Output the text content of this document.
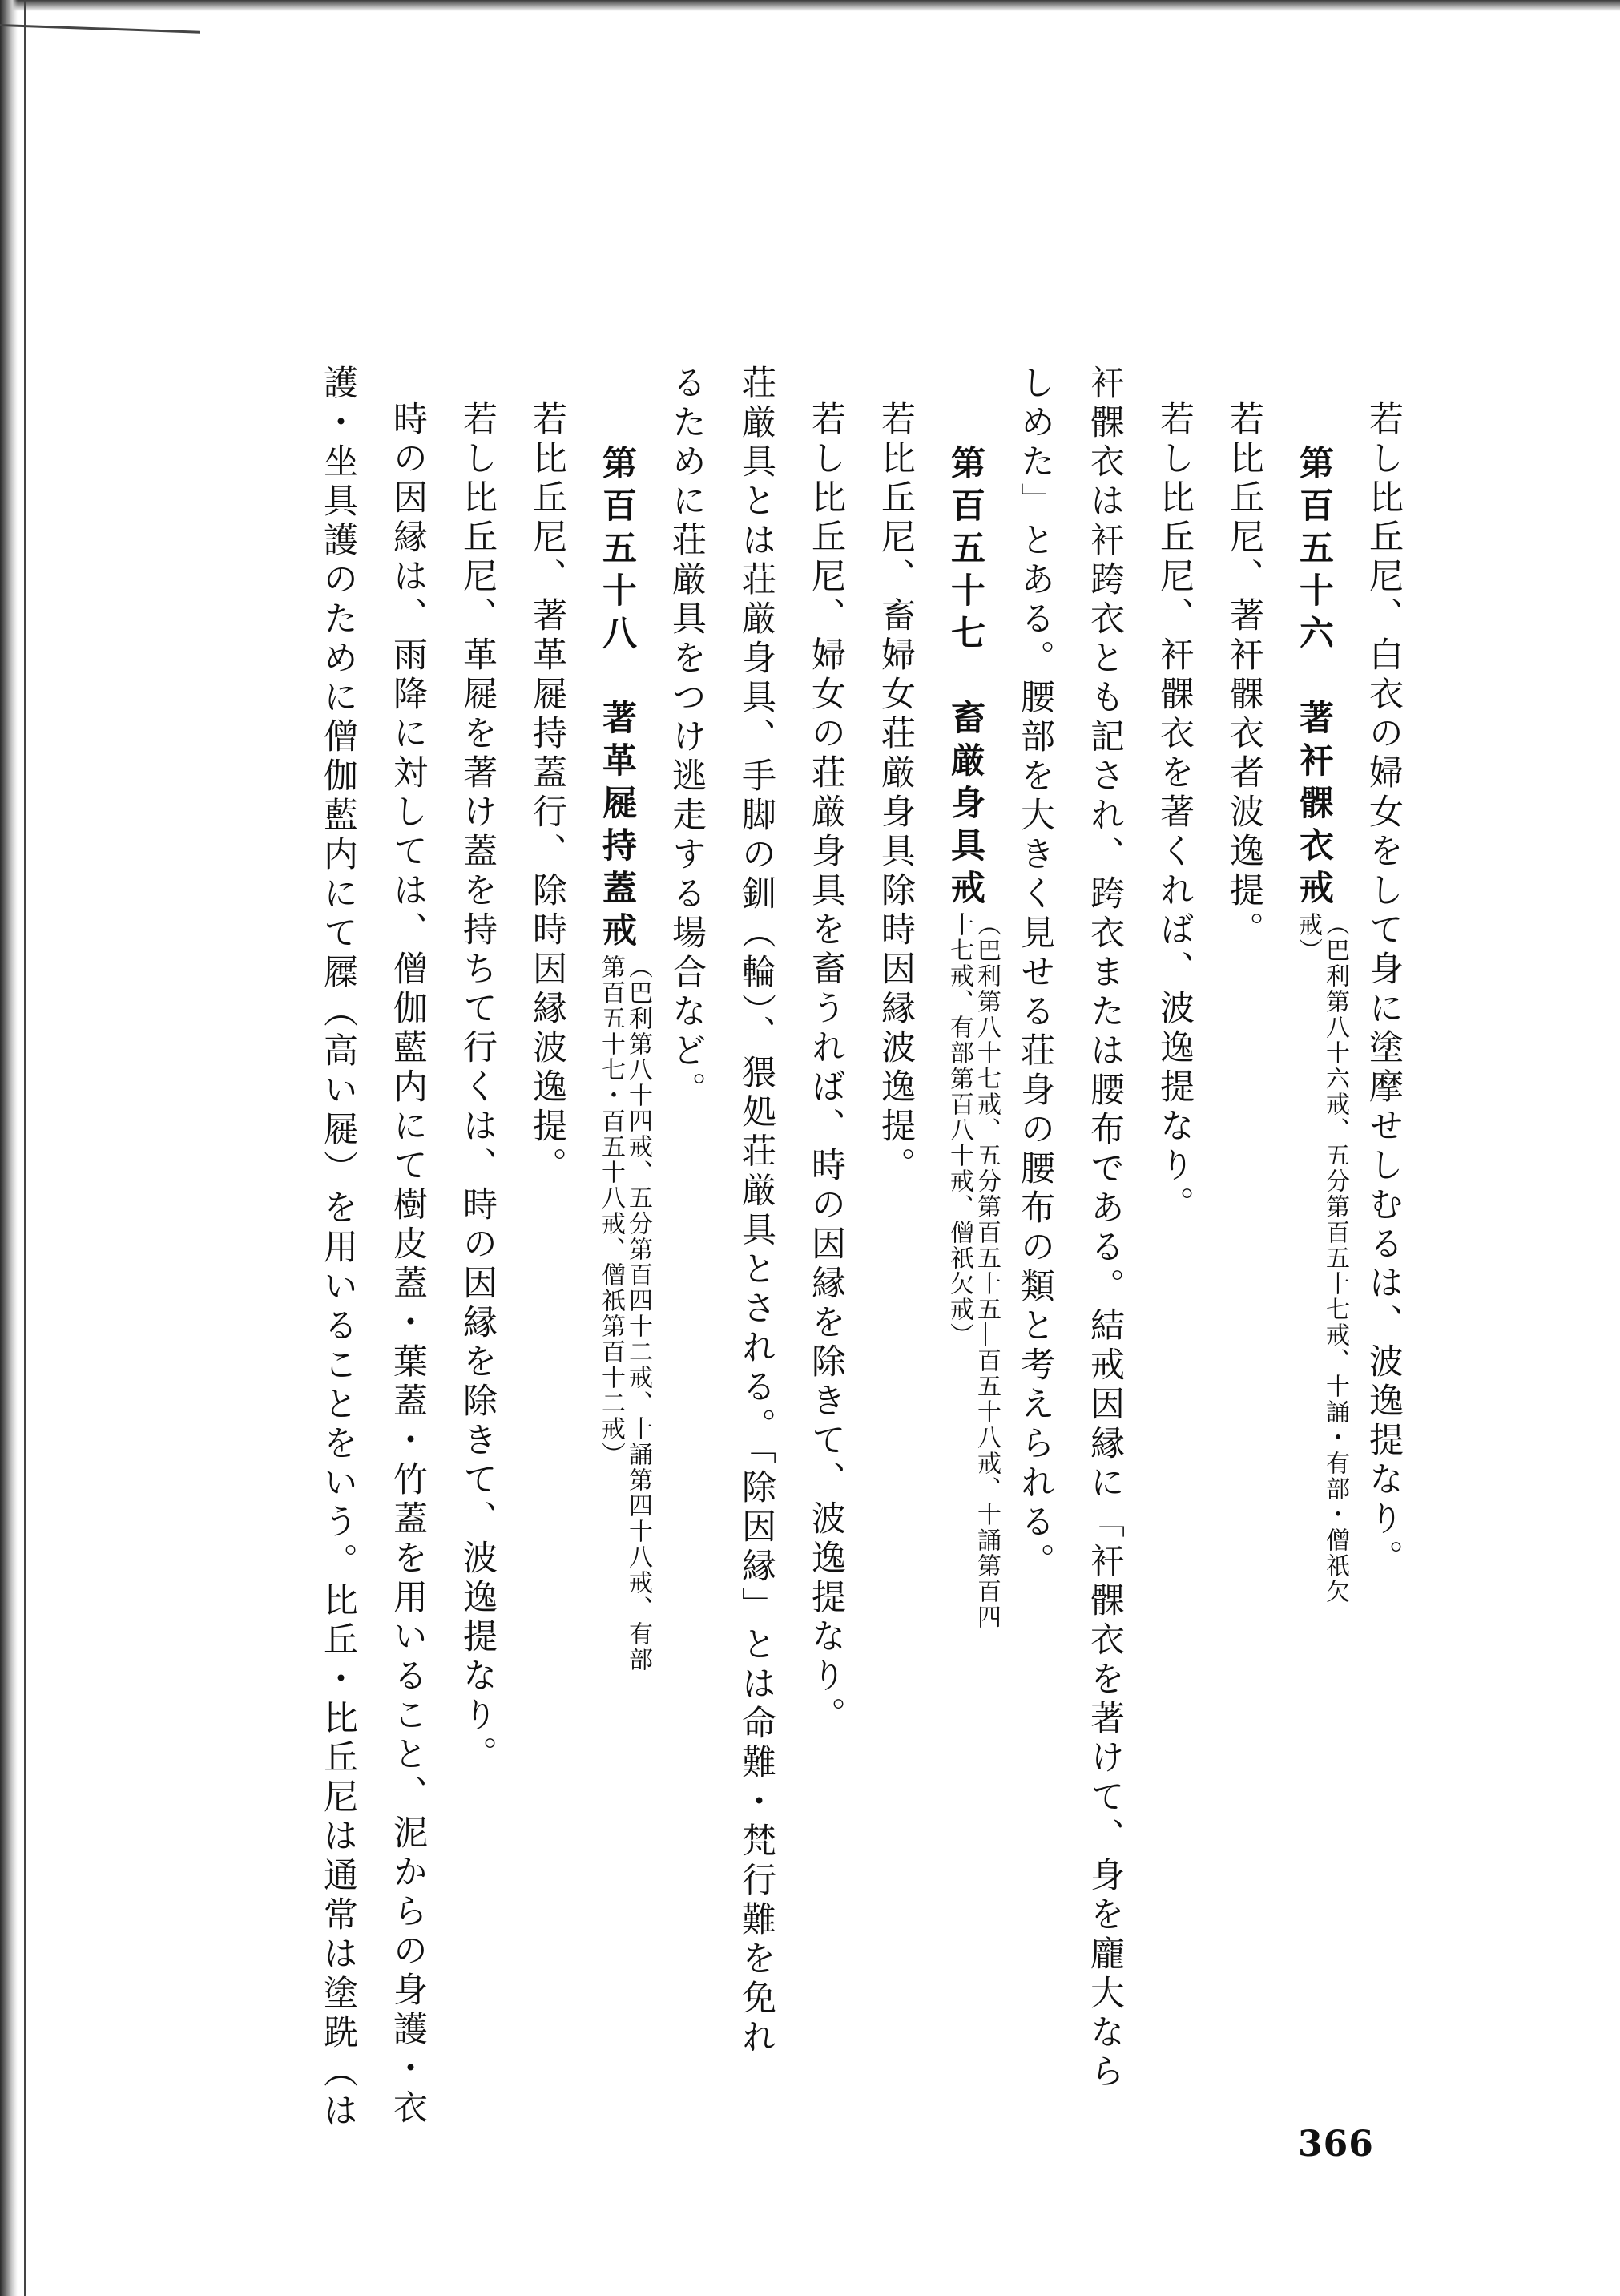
若し比丘尼、白衣の婦女をして身に塗摩せしむるは、波逸提なり。

第百五十六　著衦髁衣戒（巴利第八十六戒、五分第百五十七戒、十誦・有部・僧祇欠戒）

若比丘尼、著衦髁衣者波逸提。

若し比丘尼、衦髁衣を著くれば、波逸提なり。

衦髁衣は衦跨衣とも記され、跨衣または腰布である。結戒因縁に「衦髁衣を著けて、身を龐大なら

しめた」とある。腰部を大きく見せる荘身の腰布の類と考えられる。

第百五十七　畜厳身具戒（巴利第八十七戒、五分第百五十五―百五十八戒、十誦第百四十七戒、有部第百八十戒、僧祇欠戒）

若比丘尼、畜婦女荘厳身具除時因縁波逸提。

若し比丘尼、婦女の荘厳身具を畜うれば、時の因縁を除きて、波逸提なり。

荘厳具とは荘厳身具、手脚の釧（輪）、猥処荘厳具とされる。「除因縁」とは命難・梵行難を免れ

るために荘厳具をつけ逃走する場合など。

第百五十八　著革屣持蓋戒（巴利第八十四戒、五分第百四十二戒、十誦第四十八戒、有部第百五十七・百五十八戒、僧祇第百十二戒）

若比丘尼、著革屣持蓋行、除時因縁波逸提。

若し比丘尼、革屣を著け蓋を持ちて行くは、時の因縁を除きて、波逸提なり。

時の因縁は、雨降に対しては、僧伽藍内にて樹皮蓋・葉蓋・竹蓋を用いること、泥からの身護・衣

護・坐具護のために僧伽藍内にて屧（高い屣）を用いることをいう。比丘・比丘尼は通常は塗跣（は

366
